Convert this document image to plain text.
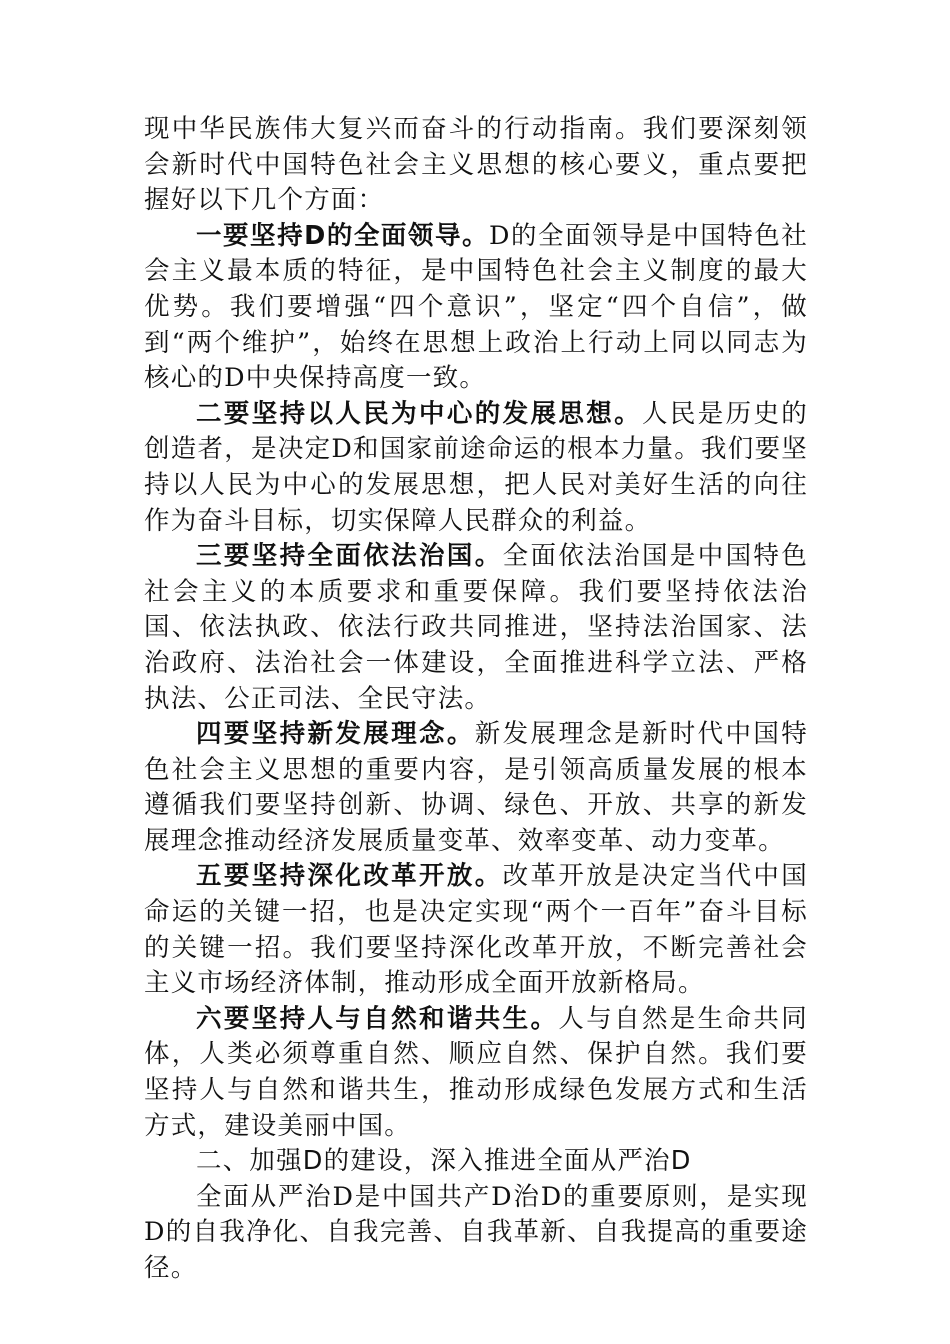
现中华民族伟大复兴而奋斗的行动指南。我们要深刻领会新时代中国特色社会主义思想的核心要义，重点要把握好以下几个方面：

一要坚持D的全面领导。D的全面领导是中国特色社会主义最本质的特征，是中国特色社会主义制度的最大优势。我们要增强“四个意识”，坚定“四个自信”，做到“两个维护”，始终在思想上政治上行动上同以同志为核心的D中央保持高度一致。

二要坚持以人民为中心的发展思想。人民是历史的创造者，是决定D和国家前途命运的根本力量。我们要坚持以人民为中心的发展思想，把人民对美好生活的向往作为奋斗目标，切实保障人民群众的利益。

三要坚持全面依法治国。全面依法治国是中国特色社会主义的本质要求和重要保障。我们要坚持依法治国、依法执政、依法行政共同推进，坚持法治国家、法治政府、法治社会一体建设，全面推进科学立法、严格执法、公正司法、全民守法。

四要坚持新发展理念。新发展理念是新时代中国特色社会主义思想的重要内容，是引领高质量发展的根本遵循我们要坚持创新、协调、绿色、开放、共享的新发展理念推动经济发展质量变革、效率变革、动力变革。

五要坚持深化改革开放。改革开放是决定当代中国命运的关键一招，也是决定实现“两个一百年”奋斗目标的关键一招。我们要坚持深化改革开放，不断完善社会主义市场经济体制，推动形成全面开放新格局。

六要坚持人与自然和谐共生。人与自然是生命共同体，人类必须尊重自然、顺应自然、保护自然。我们要坚持人与自然和谐共生，推动形成绿色发展方式和生活方式，建设美丽中国。

二、加强D的建设，深入推进全面从严治D

全面从严治D是中国共产D治D的重要原则，是实现D的自我净化、自我完善、自我革新、自我提高的重要途径。
